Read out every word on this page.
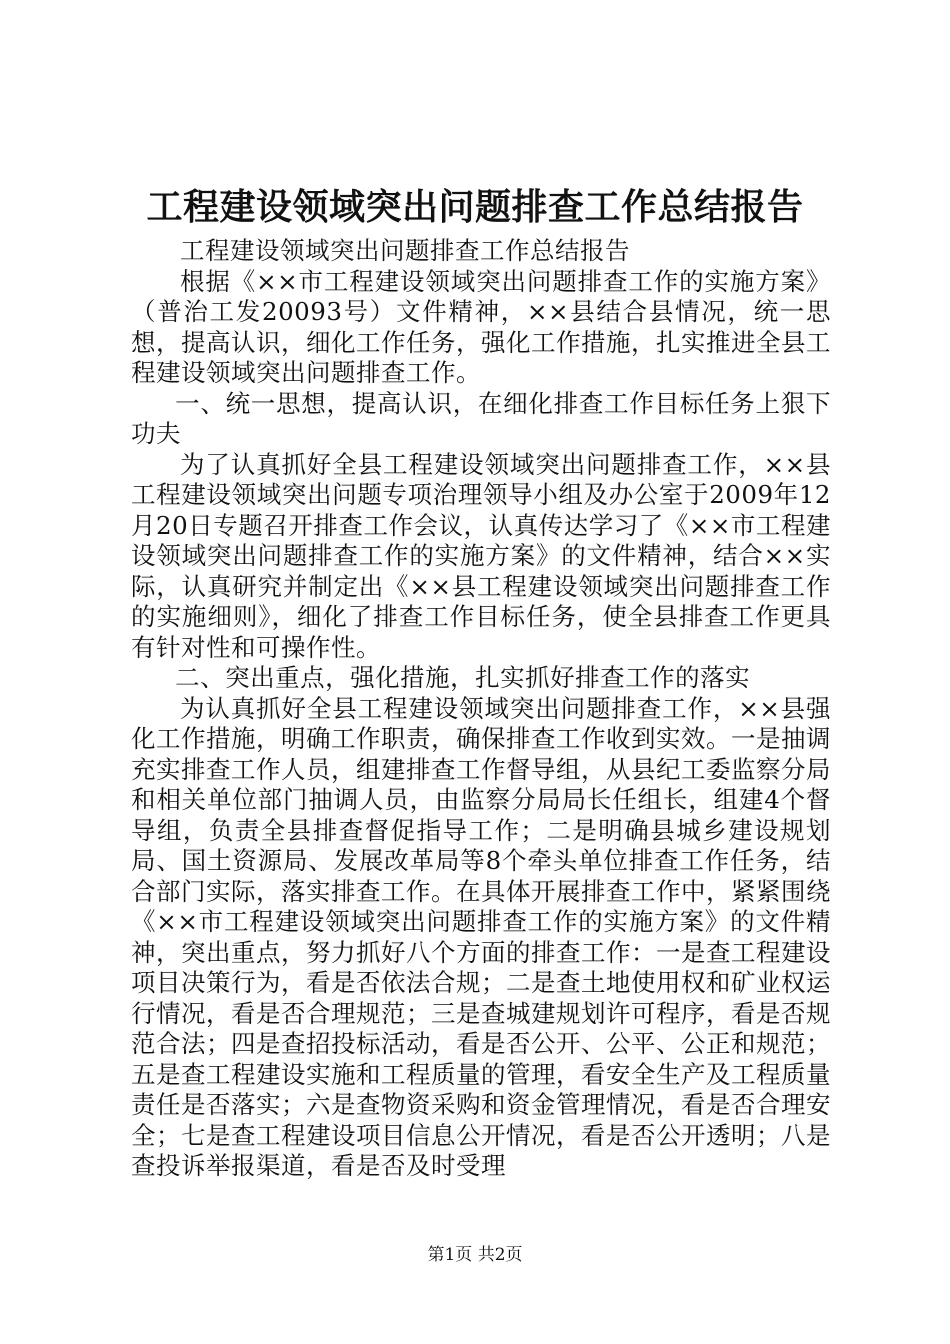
工程建设领域突出问题排查工作总结报告

工程建设领域突出问题排查工作总结报告

根据《××市工程建设领域突出问题排查工作的实施方案》（普治工发20093号）文件精神，××县结合县情况，统一思想，提高认识，细化工作任务，强化工作措施，扎实推进全县工程建设领域突出问题排查工作。

一、统一思想，提高认识，在细化排查工作目标任务上狠下功夫

为了认真抓好全县工程建设领域突出问题排查工作，××县工程建设领域突出问题专项治理领导小组及办公室于2009年12月20日专题召开排查工作会议，认真传达学习了《××市工程建设领域突出问题排查工作的实施方案》的文件精神，结合××实际，认真研究并制定出《××县工程建设领域突出问题排查工作的实施细则》，细化了排查工作目标任务，使全县排查工作更具有针对性和可操作性。

二、突出重点，强化措施，扎实抓好排查工作的落实

为认真抓好全县工程建设领域突出问题排查工作，××县强化工作措施，明确工作职责，确保排查工作收到实效。一是抽调充实排查工作人员，组建排查工作督导组，从县纪工委监察分局和相关单位部门抽调人员，由监察分局局长任组长，组建4个督导组，负责全县排查督促指导工作；二是明确县城乡建设规划局、国土资源局、发展改革局等8个牵头单位排查工作任务，结合部门实际，落实排查工作。在具体开展排查工作中，紧紧围绕《××市工程建设领域突出问题排查工作的实施方案》的文件精神，突出重点，努力抓好八个方面的排查工作：一是查工程建设项目决策行为，看是否依法合规；二是查土地使用权和矿业权运行情况，看是否合理规范；三是查城建规划许可程序，看是否规范合法；四是查招投标活动，看是否公开、公平、公正和规范；五是查工程建设实施和工程质量的管理，看安全生产及工程质量责任是否落实；六是查物资采购和资金管理情况，看是否合理安全；七是查工程建设项目信息公开情况，看是否公开透明；八是查投诉举报渠道，看是否及时受理

第1页 共2页
